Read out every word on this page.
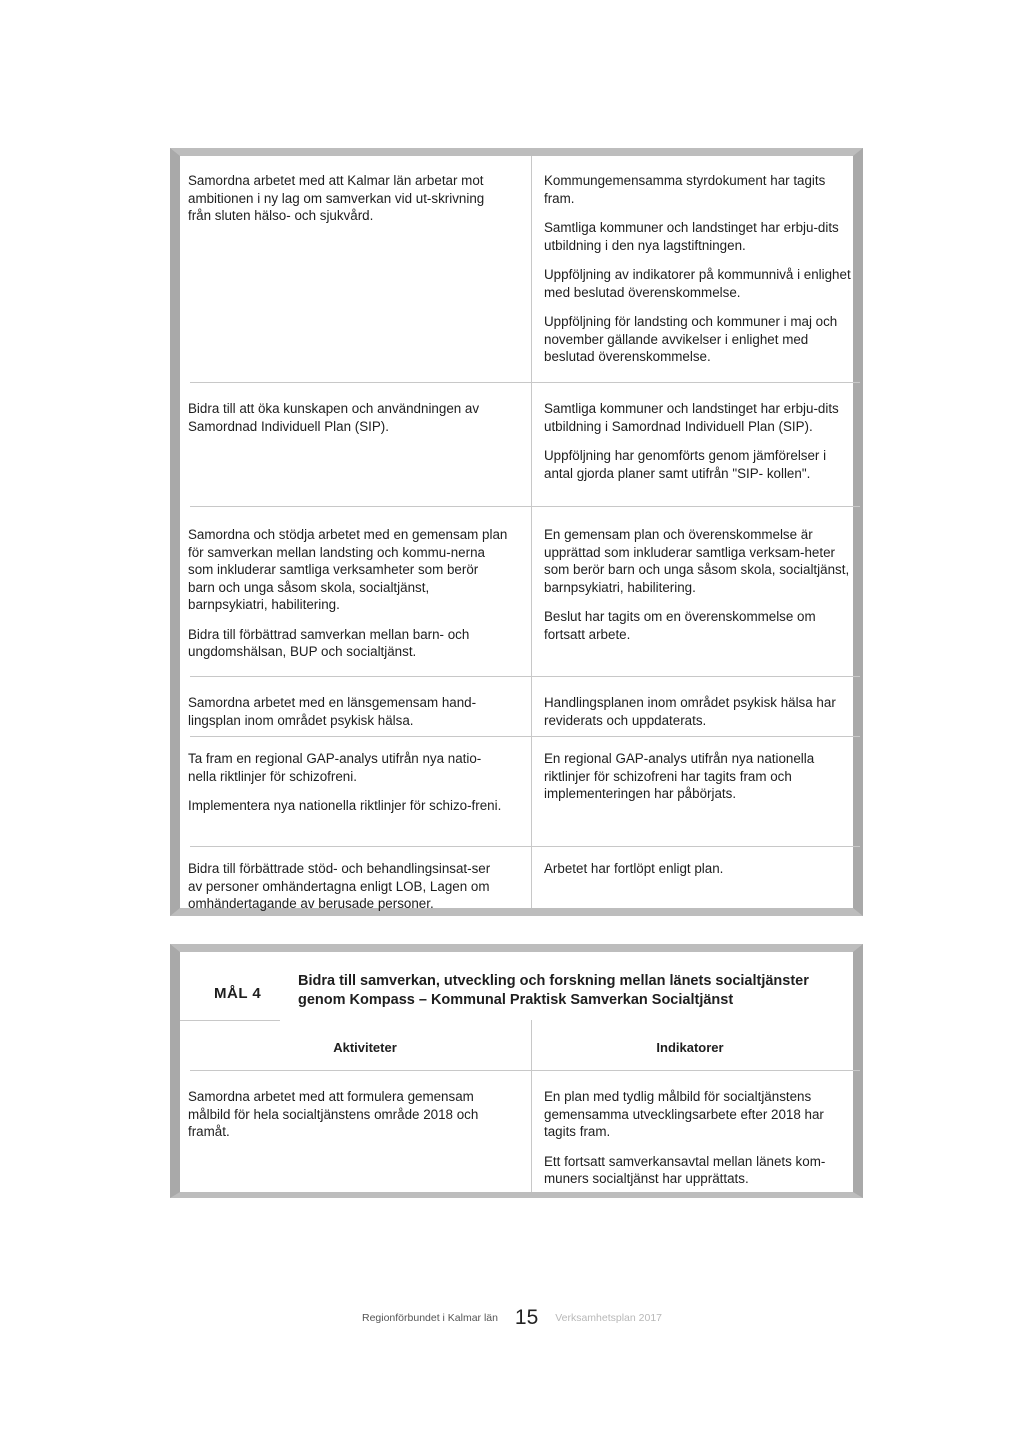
Samordna arbetet med att Kalmar län arbetar mot ambitionen i ny lag om samverkan vid ut-skrivning från sluten hälso- och sjukvård.

Kommungemensamma styrdokument har tagits fram.

Samtliga kommuner och landstinget har erbju-dits utbildning i den nya lagstiftningen.

Uppföljning av indikatorer på kommunnivå i enlighet med beslutad överenskommelse.

Uppföljning för landsting och kommuner i maj och november gällande avvikelser i enlighet med beslutad överenskommelse.

Bidra till att öka kunskapen och användningen av Samordnad Individuell Plan (SIP).

Samtliga kommuner och landstinget har erbju-dits utbildning i Samordnad Individuell Plan (SIP).

Uppföljning har genomförts genom jämförelser i antal gjorda planer samt utifrån "SIP- kollen".

Samordna och stödja arbetet med en gemensam plan för samverkan mellan landsting och kommu-nerna som inkluderar samtliga verksamheter som berör barn och unga såsom skola, socialtjänst, barnpsykiatri, habilitering.

Bidra till förbättrad samverkan mellan barn- och ungdomshälsan, BUP och socialtjänst.

En gemensam plan och överenskommelse är upprättad som inkluderar samtliga verksam-heter som berör barn och unga såsom skola, socialtjänst, barnpsykiatri, habilitering.

Beslut har tagits om en överenskommelse om fortsatt arbete.

Samordna arbetet med en länsgemensam hand-lingsplan inom området psykisk hälsa.

Handlingsplanen inom området psykisk hälsa har reviderats och uppdaterats.

Ta fram en regional GAP-analys utifrån nya natio-nella riktlinjer för schizofreni.

Implementera nya nationella riktlinjer för schizo-freni.

En regional GAP-analys utifrån nya nationella riktlinjer för schizofreni har tagits fram och implementeringen har påbörjats.

Bidra till förbättrade stöd- och behandlingsinsat-ser av personer omhändertagna enligt LOB, Lagen om omhändertagande av berusade personer.

Arbetet har fortlöpt enligt plan.

MÅL 4
Bidra till samverkan, utveckling och forskning mellan länets socialtjänster genom Kompass – Kommunal Praktisk Samverkan Socialtjänst
Aktiviteter	Indikatorer

Samordna arbetet med att formulera gemensam målbild för hela socialtjänstens område 2018 och framåt.

En plan med tydlig målbild för socialtjänstens gemensamma utvecklingsarbete efter 2018 har tagits fram.

Ett fortsatt samverkansavtal mellan länets kom-muners socialtjänst har upprättats.

Regionförbundet i Kalmar län 15 Verksamhetsplan 2017
